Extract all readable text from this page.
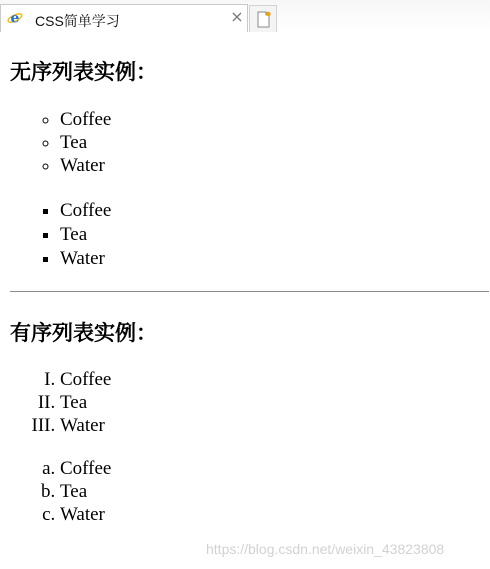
e CSS简单学习	×
无序列表实例：
◦ Coffee
◦ Tea
◦ Water
▪ Coffee
▪ Tea
▪ Water
有序列表实例：
I. Coffee
II. Tea
III. Water
a. Coffee
b. Tea
c. Water
https://blog.csdn.net/weixin_43823808
